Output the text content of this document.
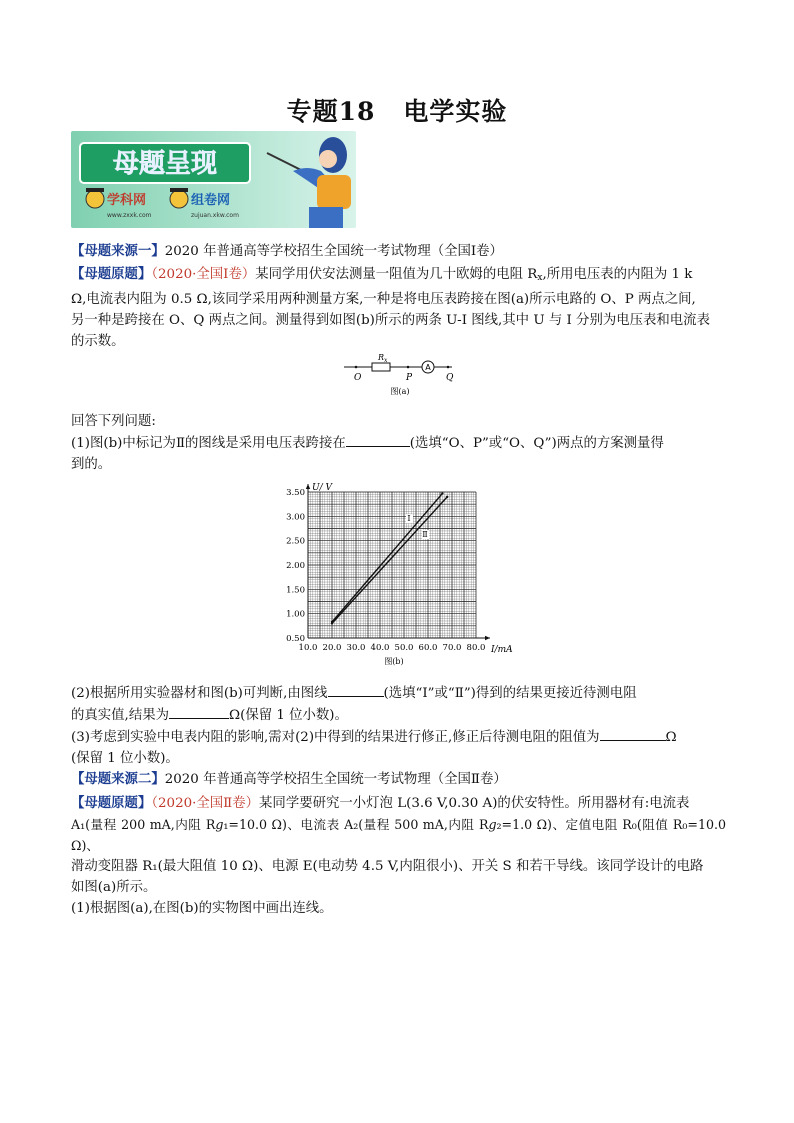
专题18 电学实验
母题呈现
学科网
www.zxxk.com
组卷网
zujuan.xkw.com
【母题来源一】2020 年普通高等学校招生全国统一考试物理（全国Ⅰ卷）
【母题原题】（2020·全国Ⅰ卷）某同学用伏安法测量一阻值为几十欧姆的电阻 $R_x$,所用电压表的内阻为 1 k
Ω,电流表内阻为 0.5 Ω,该同学采用两种测量方案,一种是将电压表跨接在图(a)所示电路的 O、P 两点之间,
另一种是跨接在 O、Q 两点之间。测量得到如图(b)所示的两条 U-I 图线,其中 U 与 I 分别为电压表和电流表
的示数。
$R_x$
A
O	P	Q
图(a)
回答下列问题:
(1)图(b)中标记为Ⅱ的图线是采用电压表跨接在	(选填“O、P”或“O、Q”)两点的方案测量得
到的。
10.0 20.0 30.0 40.0 50.0 60.0 70.0 80.0
0.50
1.00
1.50
2.00
2.50
3.00
3.50
Ⅰ
Ⅱ
U/ V
I/mA
图(b)
(2)根据所用实验器材和图(b)可判断,由图线	(选填“Ⅰ”或“Ⅱ”)得到的结果更接近待测电阻
的真实值,结果为	Ω(保留 1 位小数)。
(3)考虑到实验中电表内阻的影响,需对(2)中得到的结果进行修正,修正后待测电阻的阻值为	Ω
(保留 1 位小数)。
【母题来源二】2020 年普通高等学校招生全国统一考试物理（全国Ⅱ卷）
【母题原题】（2020·全国Ⅱ卷）某同学要研究一小灯泡 L(3.6 V,0.30 A)的伏安特性。所用器材有:电流表
A₁(量程 200 mA,内阻 R𝑔₁=10.0 Ω)、电流表 A₂(量程 500 mA,内阻 R𝑔₂=1.0 Ω)、定值电阻 R₀(阻值 R₀=10.0 Ω)、
滑动变阻器 R₁(最大阻值 10 Ω)、电源 E(电动势 4.5 V,内阻很小)、开关 S 和若干导线。该同学设计的电路
如图(a)所示。
(1)根据图(a),在图(b)的实物图中画出连线。
